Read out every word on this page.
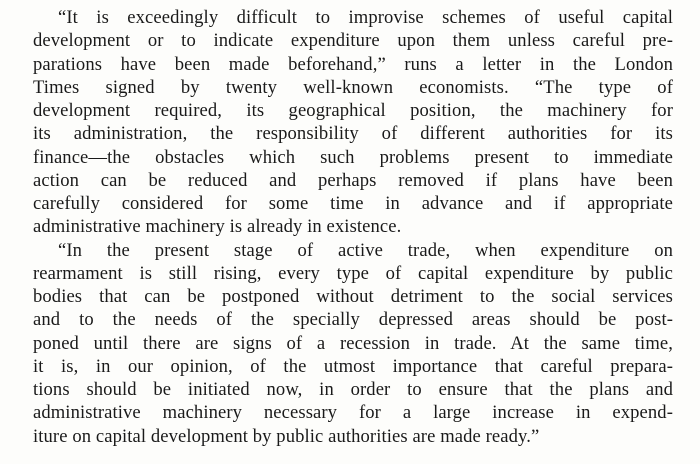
“It is exceedingly difficult to improvise schemes of useful capital
development or to indicate expenditure upon them unless careful pre-
parations have been made beforehand,” runs a letter in the London
Times signed by twenty well-known economists. “The type of
development required, its geographical position, the machinery for
its administration, the responsibility of different authorities for its
finance—the obstacles which such problems present to immediate
action can be reduced and perhaps removed if plans have been
carefully considered for some time in advance and if appropriate
administrative machinery is already in existence.
“In the present stage of active trade, when expenditure on
rearmament is still rising, every type of capital expenditure by public
bodies that can be postponed without detriment to the social services
and to the needs of the specially depressed areas should be post-
poned until there are signs of a recession in trade. At the same time,
it is, in our opinion, of the utmost importance that careful prepara-
tions should be initiated now, in order to ensure that the plans and
administrative machinery necessary for a large increase in expend-
iture on capital development by public authorities are made ready.”
